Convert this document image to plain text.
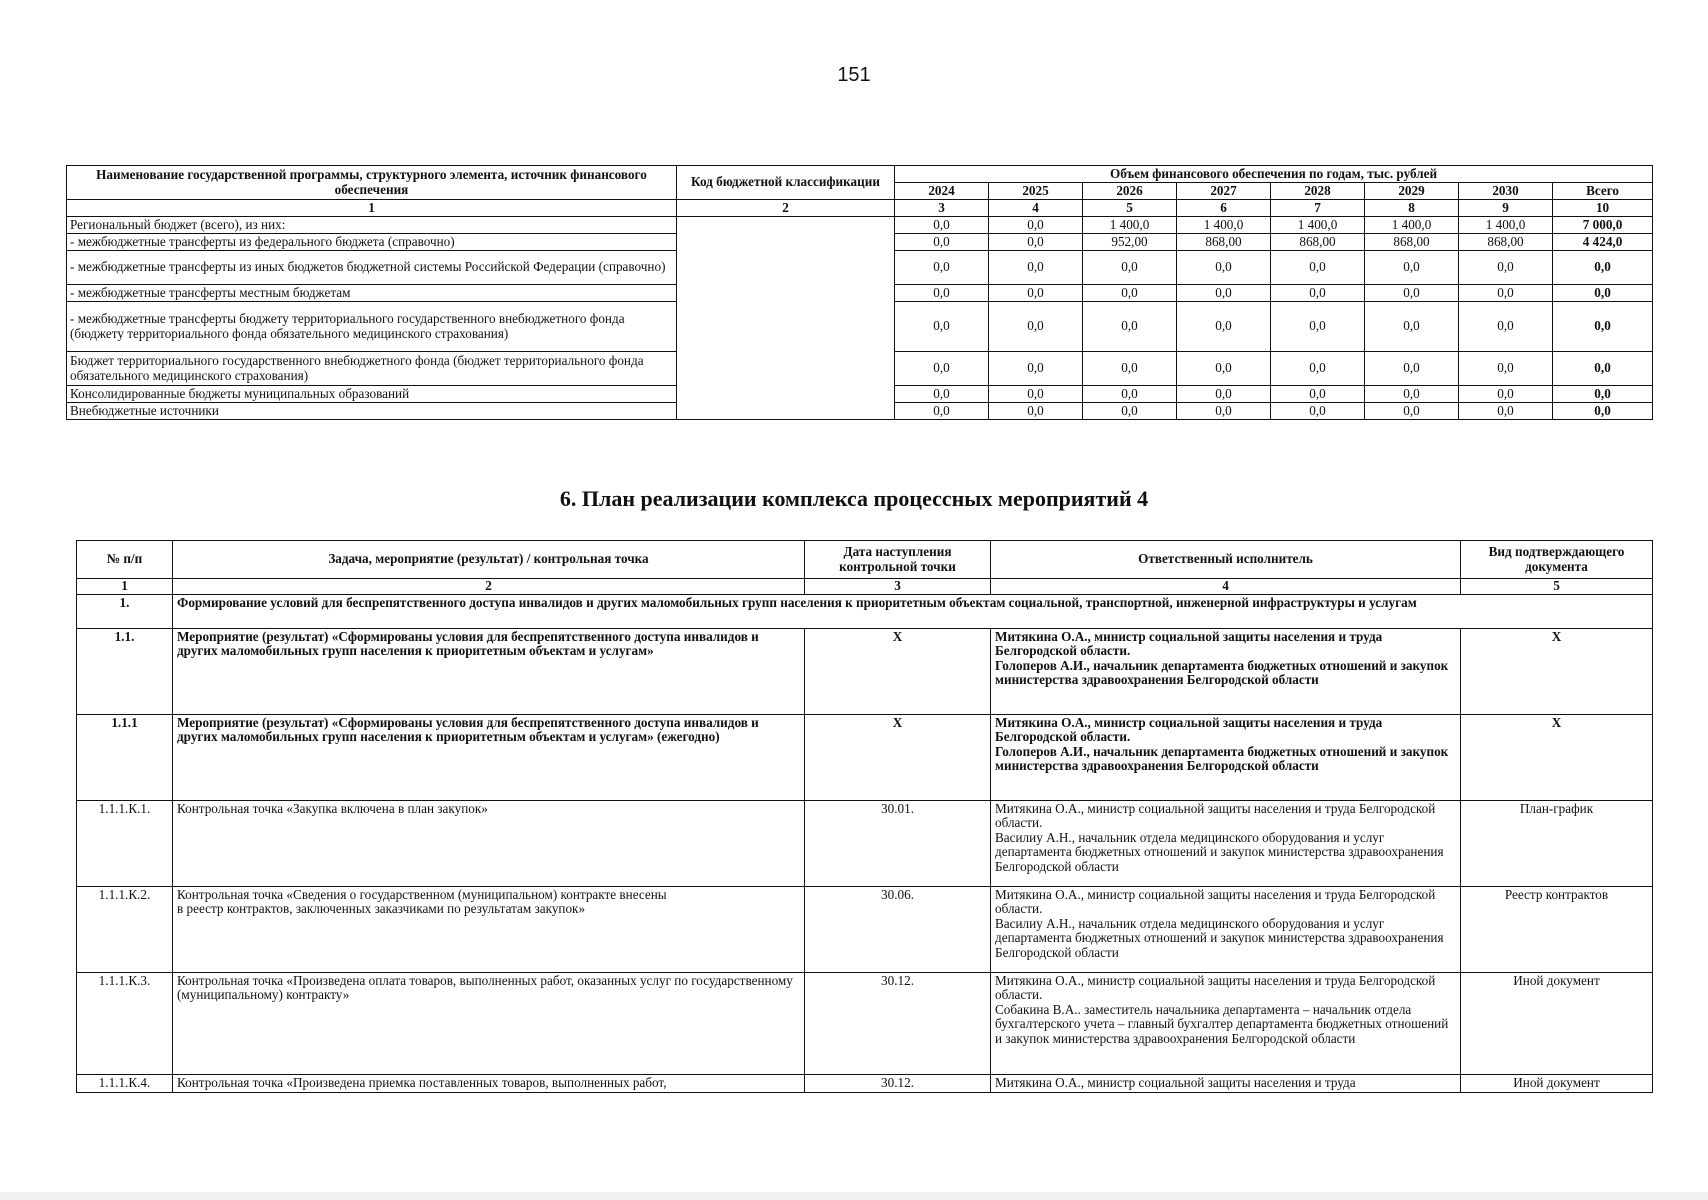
151
Наименование государственной программы, структурного элемента, источник финансового обеспечения	Код бюджетной классификации	Объем финансового обеспечения по годам, тыс. рублей							
		2024	2025	2026	2027	2028	2029	2030	Всего
1	2	3	4	5	6	7	8	9	10
Региональный бюджет (всего), из них:		0,0	0,0	1 400,0	1 400,0	1 400,0	1 400,0	1 400,0	7 000,0
- межбюджетные трансферты из федерального бюджета (справочно)		0,0	0,0	952,00	868,00	868,00	868,00	868,00	4 424,0
- межбюджетные трансферты из иных бюджетов бюджетной системы Российской Федерации (справочно)		0,0	0,0	0,0	0,0	0,0	0,0	0,0	0,0
- межбюджетные трансферты местным бюджетам		0,0	0,0	0,0	0,0	0,0	0,0	0,0	0,0
- межбюджетные трансферты бюджету территориального государственного внебюджетного фонда (бюджету территориального фонда обязательного медицинского страхования)		0,0	0,0	0,0	0,0	0,0	0,0	0,0	0,0
Бюджет территориального государственного внебюджетного фонда (бюджет территориального фонда обязательного медицинского страхования)		0,0	0,0	0,0	0,0	0,0	0,0	0,0	0,0
Консолидированные бюджеты муниципальных образований		0,0	0,0	0,0	0,0	0,0	0,0	0,0	0,0
Внебюджетные источники		0,0	0,0	0,0	0,0	0,0	0,0	0,0	0,0
6. План реализации комплекса процессных мероприятий 4
№ п/п	Задача, мероприятие (результат) / контрольная точка	Дата наступления контрольной точки	Ответственный исполнитель	Вид подтверждающего документа
1	2	3	4	5
1.	Формирование условий для беспрепятственного доступа инвалидов и других маломобильных групп населения к приоритетным объектам социальной, транспортной, инженерной инфраструктуры и услугам			
1.1.	Мероприятие (результат) «Сформированы условия для беспрепятственного доступа инвалидов и других маломобильных групп населения к приоритетным объектам и услугам»	Х	Митякина О.А., министр социальной защиты населения и труда Белгородской области.
Голоперов А.И., начальник департамента бюджетных отношений и закупок министерства здравоохранения Белгородской области	Х
1.1.1	Мероприятие (результат) «Сформированы условия для беспрепятственного доступа инвалидов и других маломобильных групп населения к приоритетным объектам и услугам» (ежегодно)	Х	Митякина О.А., министр социальной защиты населения и труда Белгородской области.
Голоперов А.И., начальник департамента бюджетных отношений и закупок министерства здравоохранения Белгородской области	Х
1.1.1.К.1.	Контрольная точка «Закупка включена в план закупок»	30.01.	Митякина О.А., министр социальной защиты населения и труда Белгородской области.
Василиу А.Н., начальник отдела медицинского оборудования и услуг департамента бюджетных отношений и закупок министерства здравоохранения Белгородской области	План-график
1.1.1.К.2.	Контрольная точка «Сведения о государственном (муниципальном) контракте внесены
в реестр контрактов, заключенных заказчиками по результатам закупок»	30.06.	Митякина О.А., министр социальной защиты населения и труда Белгородской области.
Василиу А.Н., начальник отдела медицинского оборудования и услуг департамента бюджетных отношений и закупок министерства здравоохранения Белгородской области	Реестр контрактов
1.1.1.К.3.	Контрольная точка «Произведена оплата товаров, выполненных работ, оказанных услуг по государственному (муниципальному) контракту»	30.12.	Митякина О.А., министр социальной защиты населения и труда Белгородской области.
Собакина В.А.. заместитель начальника департамента – начальник отдела бухгалтерского учета – главный бухгалтер департамента бюджетных отношений и закупок министерства здравоохранения Белгородской области	Иной документ
1.1.1.К.4.	Контрольная точка «Произведена приемка поставленных товаров, выполненных работ,	30.12.	Митякина О.А., министр социальной защиты населения и труда	Иной документ
